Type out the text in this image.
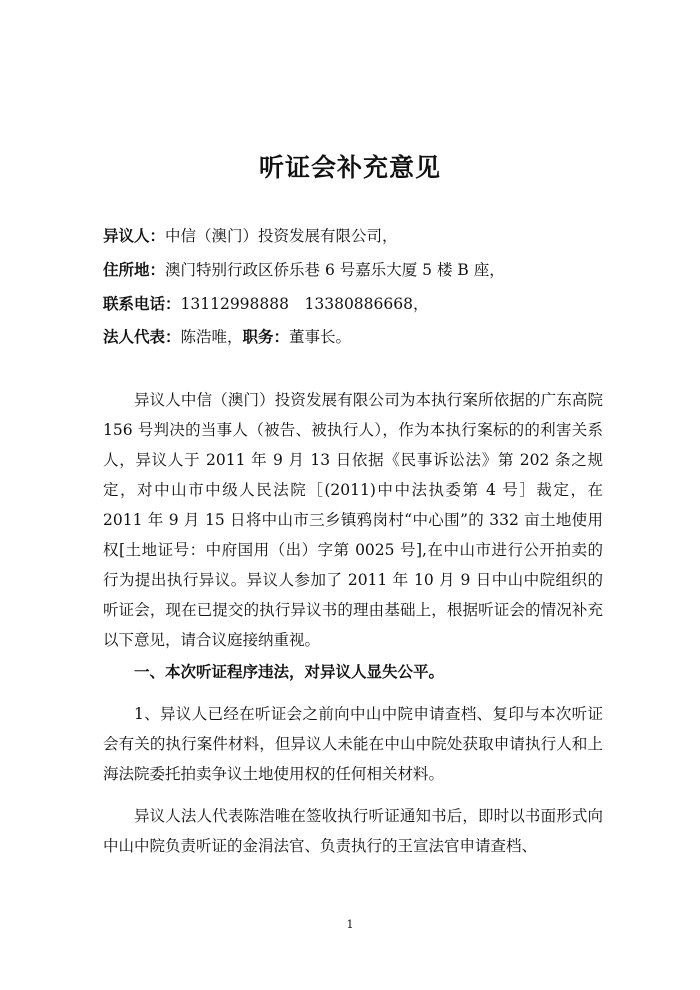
听证会补充意见
异议人：中信（澳门）投资发展有限公司，
住所地：澳门特别行政区侨乐巷 6 号嘉乐大厦 5 楼 B 座，
联系电话：13112998888　13380886668，
法人代表：陈浩唯，职务：董事长。

异议人中信（澳门）投资发展有限公司为本执行案所依据的广东高院 156 号判决的当事人（被告、被执行人），作为本执行案标的的利害关系人，异议人于 2011 年 9 月 13 日依据《民事诉讼法》第 202 条之规定，对中山市中级人民法院［(2011)中中法执委第 4 号］裁定，在 2011 年 9 月 15 日将中山市三乡镇鸦岗村“中心围”的 332 亩土地使用权[土地证号：中府国用（出）字第 0025 号],在中山市进行公开拍卖的行为提出执行异议。异议人参加了 2011 年 10 月 9 日中山中院组织的听证会，现在已提交的执行异议书的理由基础上，根据听证会的情况补充以下意见，请合议庭接纳重视。

一、本次听证程序违法，对异议人显失公平。

1、异议人已经在听证会之前向中山中院申请查档、复印与本次听证会有关的执行案件材料，但异议人未能在中山中院处获取申请执行人和上海法院委托拍卖争议土地使用权的任何相关材料。

异议人法人代表陈浩唯在签收执行听证通知书后，即时以书面形式向中山中院负责听证的金涓法官、负责执行的王宣法官申请查档、

1
